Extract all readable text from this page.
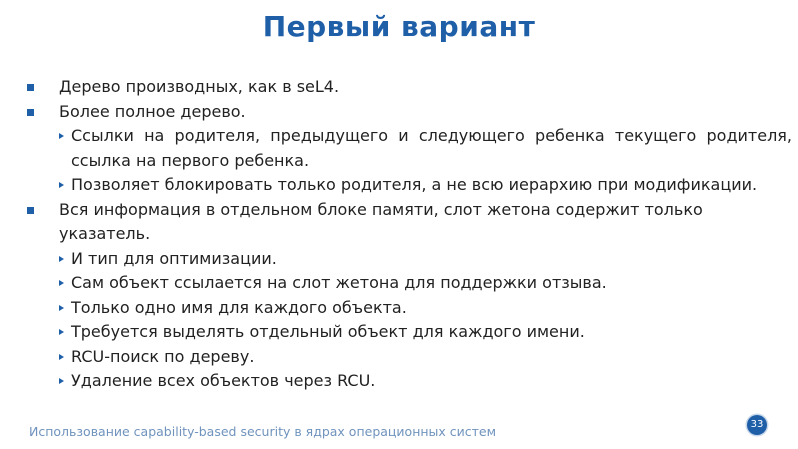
Первый вариант
Дерево производных, как в seL4.
Более полное дерево.
Ссылки на родителя, предыдущего и следующего ребенка текущего родителя, ссылка на первого ребенка.
Позволяет блокировать только родителя, а не всю иерархию при модификации.
Вся информация в отдельном блоке памяти, слот жетона содержит только указатель.
И тип для оптимизации.
Сам объект ссылается на слот жетона для поддержки отзыва.
Только одно имя для каждого объекта.
Требуется выделять отдельный объект для каждого имени.
RCU-поиск по дереву.
Удаление всех объектов через RCU.
Использование capability-based security в ядрах операционных систем	33
